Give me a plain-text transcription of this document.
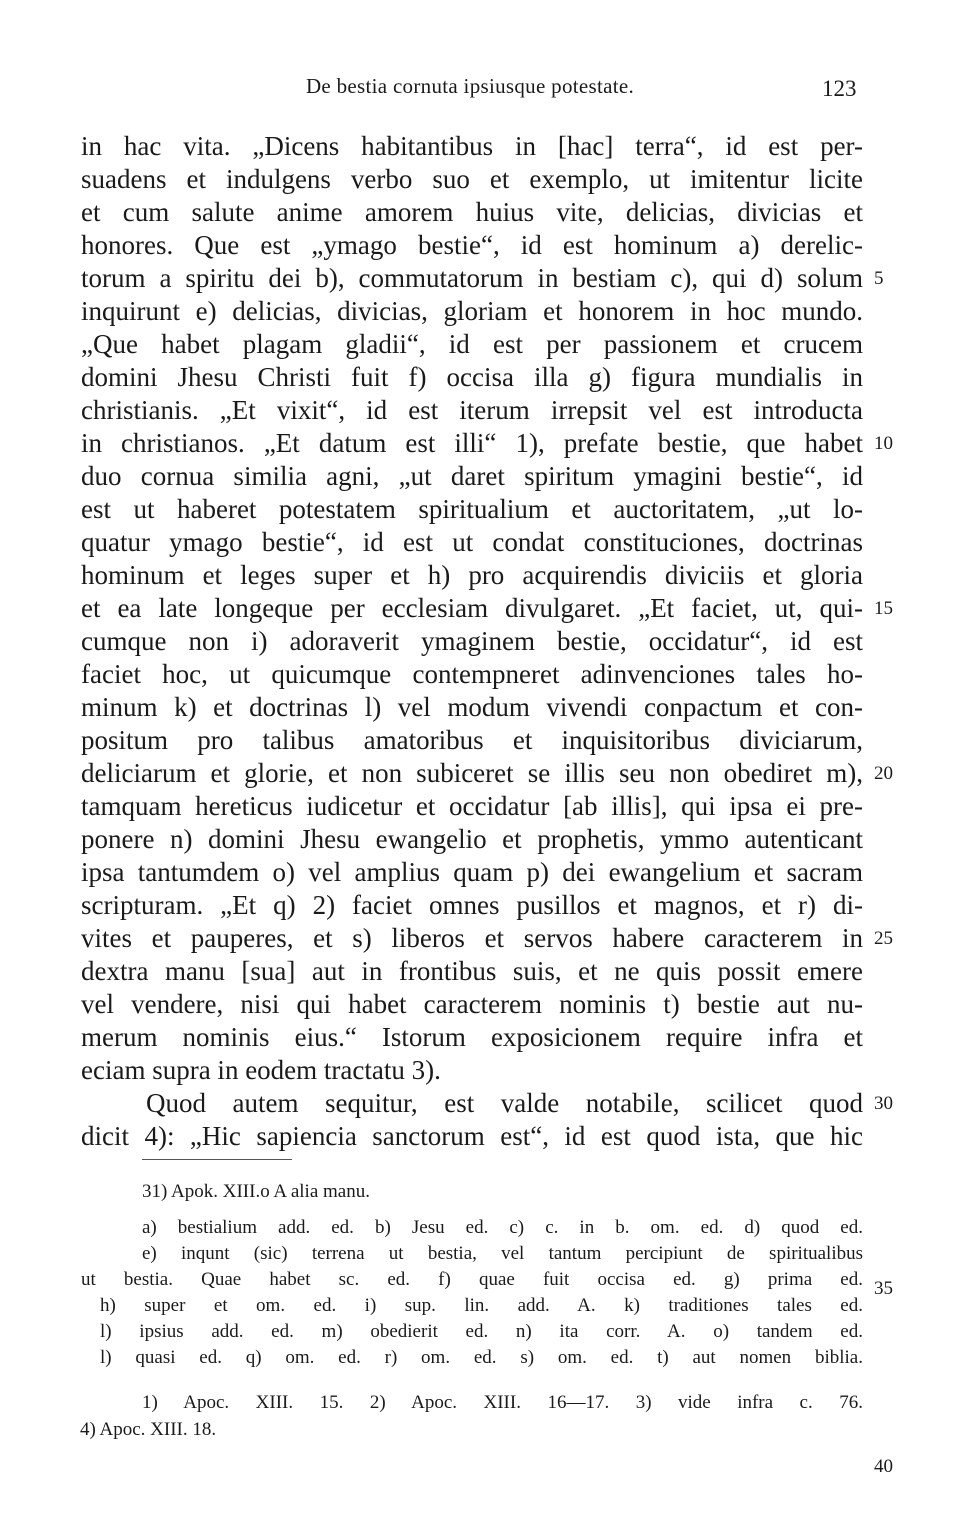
De bestia cornuta ipsiusque potestate.	123
in hac vita. „Dicens habitantibus in [hac] terra“, id est per-
suadens et indulgens verbo suo et exemplo, ut imitentur licite
et cum salute anime amorem huius vite, delicias, divicias et
honores. Que est „ymago bestie“, id est hominum a) derelic-
torum a spiritu dei b), commutatorum in bestiam c), qui d) solum
inquirunt e) delicias, divicias, gloriam et honorem in hoc mundo.
„Que habet plagam gladii“, id est per passionem et crucem
domini Jhesu Christi fuit f) occisa illa g) figura mundialis in
christianis. „Et vixit“, id est iterum irrepsit vel est introducta
in christianos. „Et datum est illi“ 1), prefate bestie, que habet
duo cornua similia agni, „ut daret spiritum ymagini bestie“, id
est ut haberet potestatem spiritualium et auctoritatem, „ut lo-
quatur ymago bestie“, id est ut condat constituciones, doctrinas
hominum et leges super et h) pro acquirendis diviciis et gloria
et ea late longeque per ecclesiam divulgaret. „Et faciet, ut, qui-
cumque non i) adoraverit ymaginem bestie, occidatur“, id est
faciet hoc, ut quicumque contempneret adinvenciones tales ho-
minum k) et doctrinas l) vel modum vivendi conpactum et con-
positum pro talibus amatoribus et inquisitoribus diviciarum,
deliciarum et glorie, et non subiceret se illis seu non obediret m),
tamquam hereticus iudicetur et occidatur [ab illis], qui ipsa ei pre-
ponere n) domini Jhesu ewangelio et prophetis, ymmo autenticant
ipsa tantumdem o) vel amplius quam p) dei ewangelium et sacram
scripturam. „Et q) 2) faciet omnes pusillos et magnos, et r) di-
vites et pauperes, et s) liberos et servos habere caracterem in
dextra manu [sua] aut in frontibus suis, et ne quis possit emere
vel vendere, nisi qui habet caracterem nominis t) bestie aut nu-
merum nominis eius.“ Istorum exposicionem require infra et
eciam supra in eodem tractatu 3).
Quod autem sequitur, est valde notabile, scilicet quod
dicit 4): „Hic sapiencia sanctorum est“, id est quod ista, que hic
5
10
15
20
25
30
35
40
31) Apok. XIII.o A alia manu.
a) bestialium add. ed. b) Jesu ed. c) c. in b. om. ed. d) quod ed.
e) inqunt (sic) terrena ut bestia, vel tantum percipiunt de spiritualibus
ut bestia. Quae habet sc. ed. f) quae fuit occisa ed. g) prima ed.
h) super et om. ed. i) sup. lin. add. A. k) traditiones tales ed.
l) ipsius add. ed. m) obedierit ed. n) ita corr. A. o) tandem ed.
l) quasi ed. q) om. ed. r) om. ed. s) om. ed. t) aut nomen biblia.
1) Apoc. XIII. 15. 2) Apoc. XIII. 16—17. 3) vide infra c. 76.
4) Apoc. XIII. 18.
